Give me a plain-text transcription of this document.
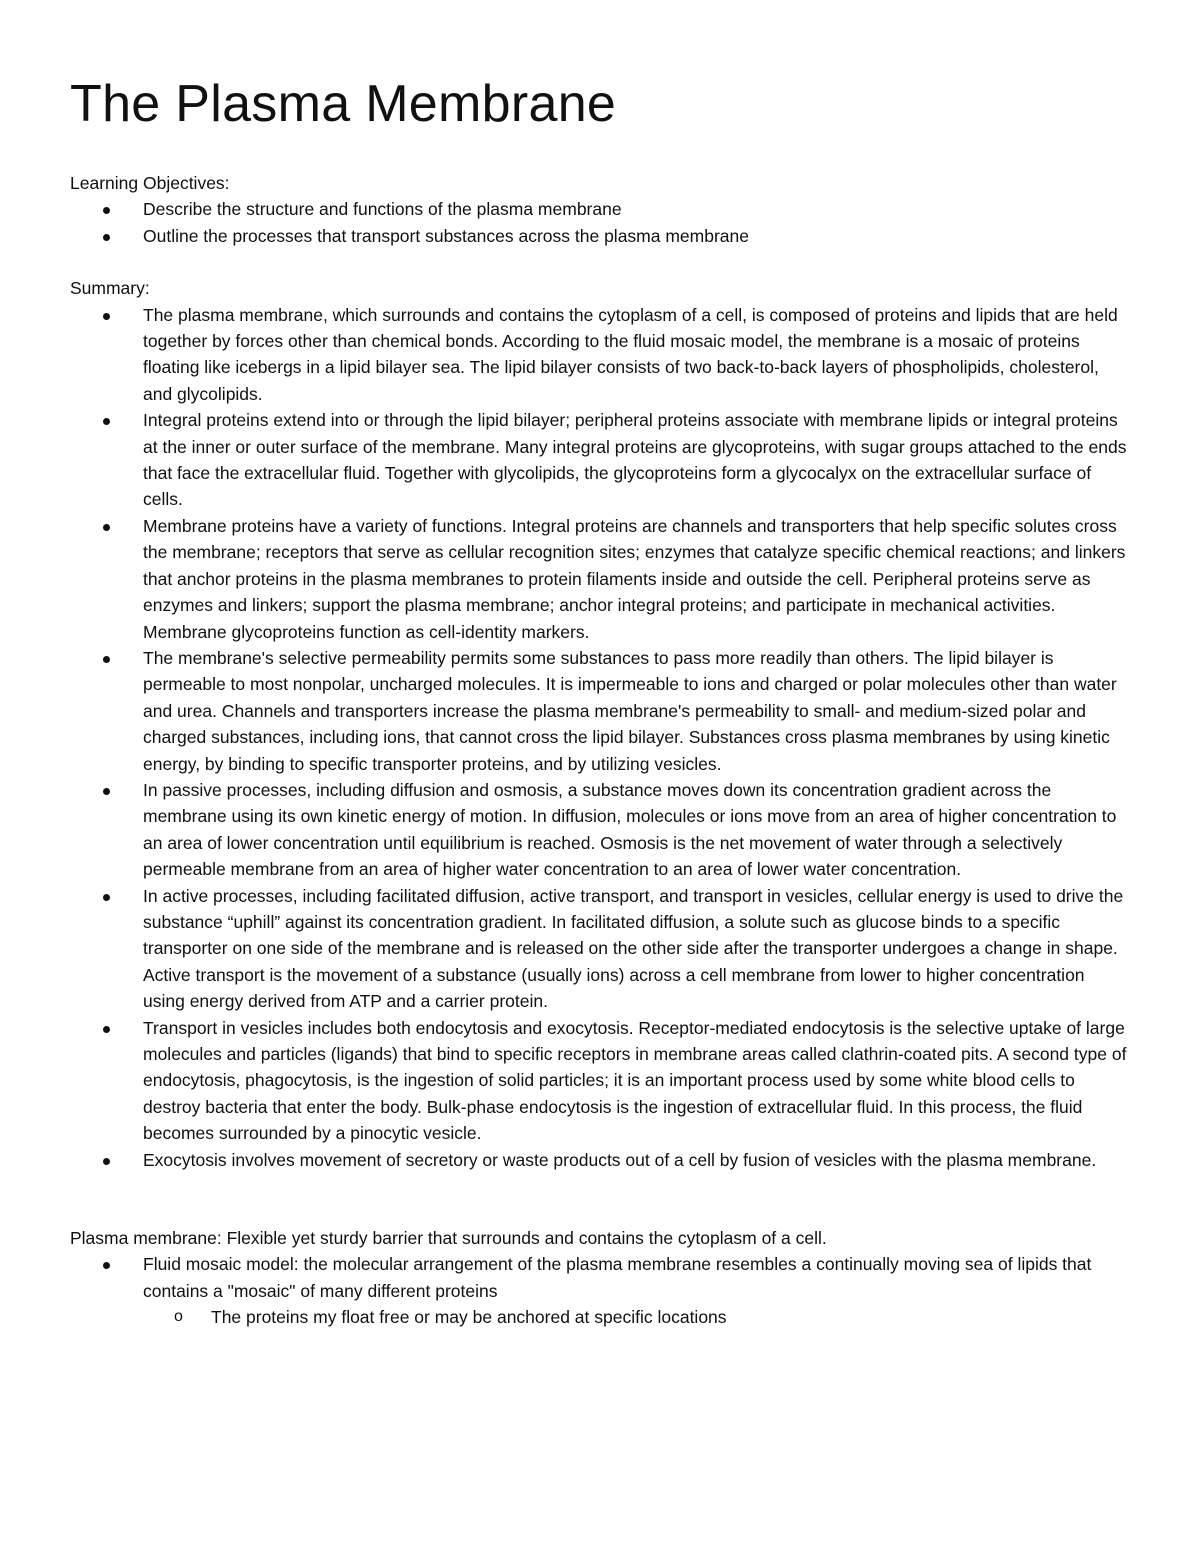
The Plasma Membrane

Learning Objectives:

Describe the structure and functions of the plasma membrane
Outline the processes that transport substances across the plasma membrane

Summary:

The plasma membrane, which surrounds and contains the cytoplasm of a cell, is composed of proteins and lipids that are held together by forces other than chemical bonds. According to the fluid mosaic model, the membrane is a mosaic of proteins floating like icebergs in a lipid bilayer sea. The lipid bilayer consists of two back-to-back layers of phospholipids, cholesterol, and glycolipids.
Integral proteins extend into or through the lipid bilayer; peripheral proteins associate with membrane lipids or integral proteins at the inner or outer surface of the membrane. Many integral proteins are glycoproteins, with sugar groups attached to the ends that face the extracellular fluid. Together with glycolipids, the glycoproteins form a glycocalyx on the extracellular surface of cells.
Membrane proteins have a variety of functions. Integral proteins are channels and transporters that help specific solutes cross the membrane; receptors that serve as cellular recognition sites; enzymes that catalyze specific chemical reactions; and linkers that anchor proteins in the plasma membranes to protein filaments inside and outside the cell. Peripheral proteins serve as enzymes and linkers; support the plasma membrane; anchor integral proteins; and participate in mechanical activities. Membrane glycoproteins function as cell-identity markers.
The membrane's selective permeability permits some substances to pass more readily than others. The lipid bilayer is permeable to most nonpolar, uncharged molecules. It is impermeable to ions and charged or polar molecules other than water and urea. Channels and transporters increase the plasma membrane's permeability to small- and medium-sized polar and charged substances, including ions, that cannot cross the lipid bilayer. Substances cross plasma membranes by using kinetic energy, by binding to specific transporter proteins, and by utilizing vesicles.
In passive processes, including diffusion and osmosis, a substance moves down its concentration gradient across the membrane using its own kinetic energy of motion. In diffusion, molecules or ions move from an area of higher concentration to an area of lower concentration until equilibrium is reached. Osmosis is the net movement of water through a selectively permeable membrane from an area of higher water concentration to an area of lower water concentration.
In active processes, including facilitated diffusion, active transport, and transport in vesicles, cellular energy is used to drive the substance “uphill” against its concentration gradient. In facilitated diffusion, a solute such as glucose binds to a specific transporter on one side of the membrane and is released on the other side after the transporter undergoes a change in shape. Active transport is the movement of a substance (usually ions) across a cell membrane from lower to higher concentration using energy derived from ATP and a carrier protein.
Transport in vesicles includes both endocytosis and exocytosis. Receptor-mediated endocytosis is the selective uptake of large molecules and particles (ligands) that bind to specific receptors in membrane areas called clathrin-coated pits. A second type of endocytosis, phagocytosis, is the ingestion of solid particles; it is an important process used by some white blood cells to destroy bacteria that enter the body. Bulk-phase endocytosis is the ingestion of extracellular fluid. In this process, the fluid becomes surrounded by a pinocytic vesicle.
Exocytosis involves movement of secretory or waste products out of a cell by fusion of vesicles with the plasma membrane.

Plasma membrane: Flexible yet sturdy barrier that surrounds and contains the cytoplasm of a cell.

Fluid mosaic model: the molecular arrangement of the plasma membrane resembles a continually moving sea of lipids that contains a "mosaic" of many different proteins
o The proteins my float free or may be anchored at specific locations
